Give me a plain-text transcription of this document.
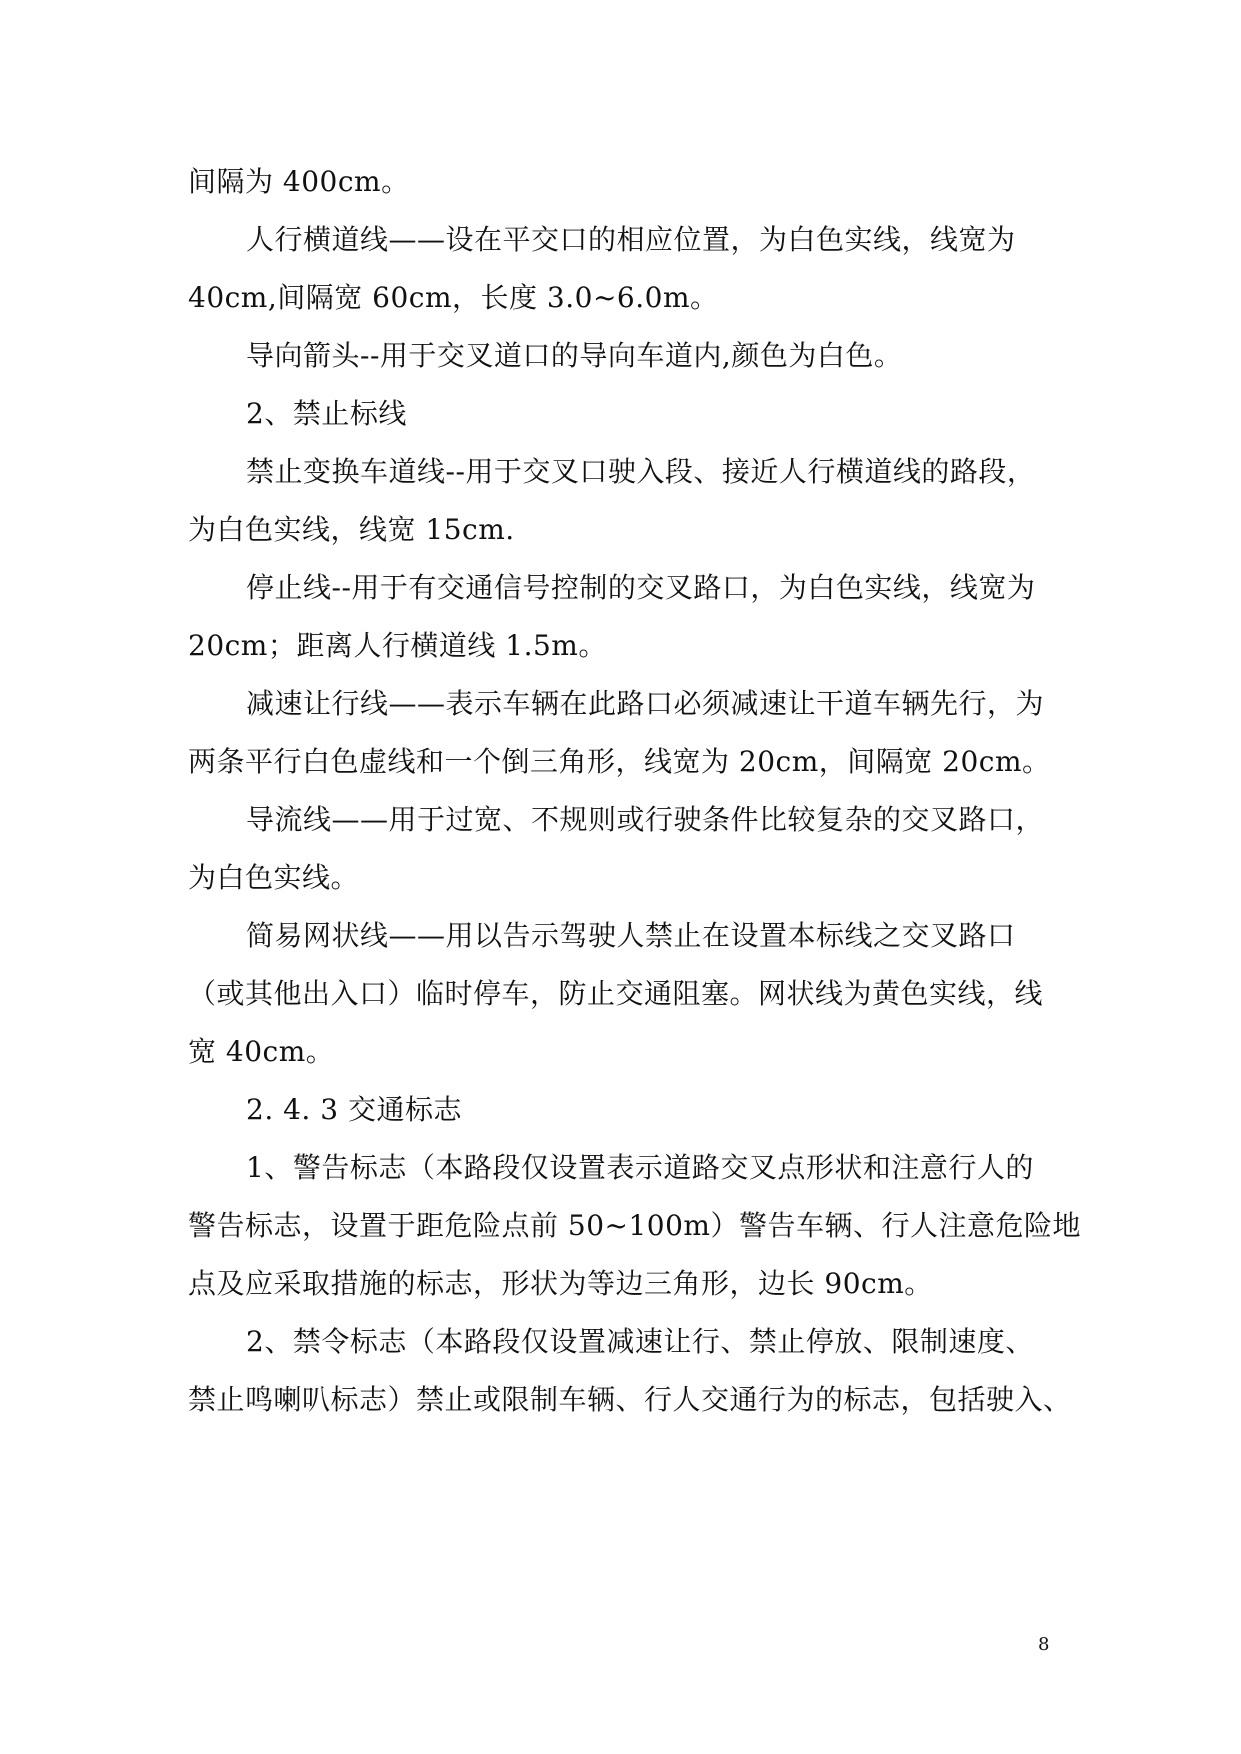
间隔为 400cm。
人行横道线——设在平交口的相应位置，为白色实线，线宽为
40cm,间隔宽 60cm，长度 3.0~6.0m。
导向箭头--用于交叉道口的导向车道内,颜色为白色。
2、禁止标线
禁止变换车道线--用于交叉口驶入段、接近人行横道线的路段，
为白色实线，线宽 15cm.
停止线--用于有交通信号控制的交叉路口，为白色实线，线宽为
20cm；距离人行横道线 1.5m。
减速让行线——表示车辆在此路口必须减速让干道车辆先行，为
两条平行白色虚线和一个倒三角形，线宽为 20cm，间隔宽 20cm。
导流线——用于过宽、不规则或行驶条件比较复杂的交叉路口，
为白色实线。
简易网状线——用以告示驾驶人禁止在设置本标线之交叉路口
（或其他出入口）临时停车，防止交通阻塞。网状线为黄色实线，线
宽 40cm。
2. 4. 3 交通标志
1、警告标志（本路段仅设置表示道路交叉点形状和注意行人的
警告标志，设置于距危险点前 50~100m）警告车辆、行人注意危险地
点及应采取措施的标志，形状为等边三角形，边长 90cm。
2、禁令标志（本路段仅设置减速让行、禁止停放、限制速度、
禁止鸣喇叭标志）禁止或限制车辆、行人交通行为的标志，包括驶入、
8
